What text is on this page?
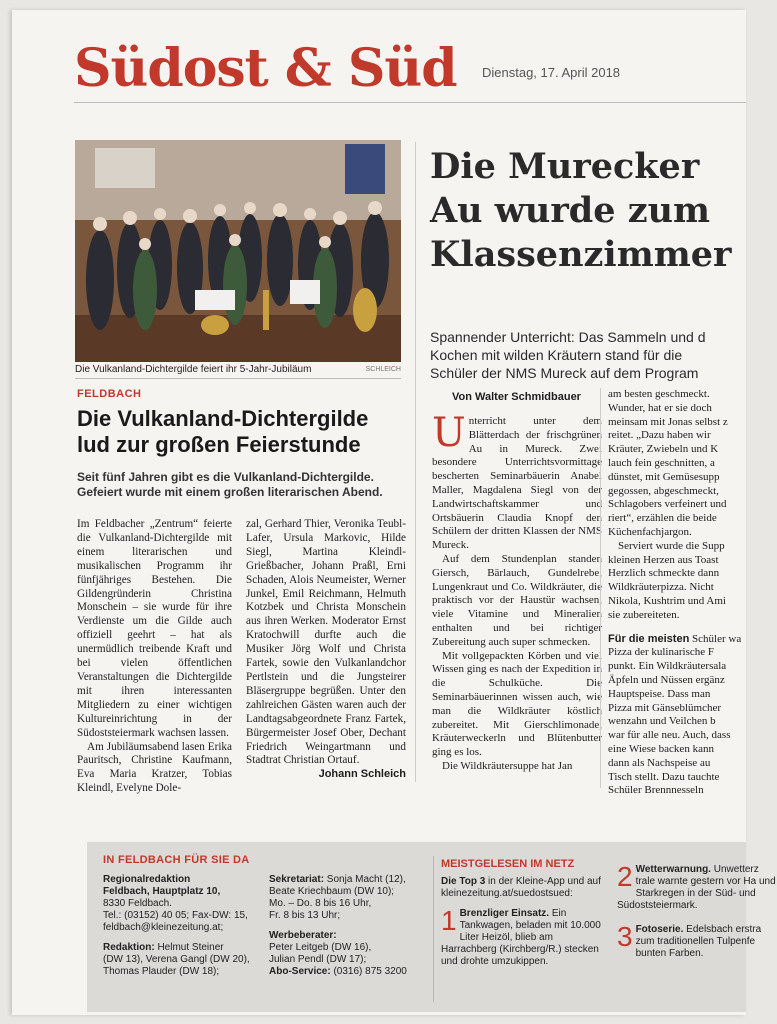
Südost & Süd Dienstag, 17. April 2018
Die Vulkanland-Dichtergilde feiert ihr 5-Jahr-Jubiläum	SCHLEICH
FELDBACH
Die Vulkanland-Dichtergilde lud zur großen Feierstunde
Seit fünf Jahren gibt es die Vulkanland-Dichtergilde. Gefeiert wurde mit einem großen literarischen Abend.

Im Feldbacher „Zentrum“ feierte die Vulkanland-Dichtergilde mit einem literarischen und musikalischen Programm ihr fünfjähriges Bestehen. Die Gildengründerin Christina Monschein – sie wurde für ihre Verdienste um die Gilde auch offiziell geehrt – hat als unermüdlich treibende Kraft und bei vielen öffentlichen Veranstaltungen die Dichtergilde mit ihren interessanten Mitgliedern zu einer wichtigen Kultureinrichtung in der Südoststeiermark wachsen lassen.

Am Jubiläumsabend lasen Erika Pauritsch, Christine Kaufmann, Eva Maria Kratzer, Tobias Kleindl, Evelyne Dole-

zal, Gerhard Thier, Veronika Teubl-Lafer, Ursula Markovic, Hilde Siegl, Martina Kleindl-Grießbacher, Johann Praßl, Erni Schaden, Alois Neumeister, Werner Junkel, Emil Reichmann, Helmuth Kotzbek und Christa Monschein aus ihren Werken. Moderator Ernst Kratochwill durfte auch die Musiker Jörg Wolf und Christa Fartek, sowie den Vulkanlandchor Pertlstein und die Jungsteirer Bläsergruppe begrüßen. Unter den zahlreichen Gästen waren auch der Landtagsabgeordnete Franz Fartek, Bürgermeister Josef Ober, Dechant Friedrich Weingartmann und Stadtrat Christian Ortauf.
Johann Schleich

Die Murecker
Au wurde zum
Klassenzimmer
Spannender Unterricht: Das Sammeln und d
Kochen mit wilden Kräutern stand für die
Schüler der NMS Mureck auf dem Program
Von Walter Schmidbauer

Unterricht unter dem Blätterdach der frischgrünen Au in Mureck. Zwei besondere Unterrichtsvormittage bescherten Seminarbäuerin Anabel Maller, Magdalena Siegl von der Landwirtschaftskammer und Ortsbäuerin Claudia Knopf den Schülern der dritten Klassen der NMS Mureck.

Auf dem Stundenplan standen Giersch, Bärlauch, Gundelrebe, Lungenkraut und Co. Wildkräuter, die praktisch vor der Haustür wachsen, viele Vitamine und Mineralien enthalten und bei richtiger Zubereitung auch super schmecken.

Mit vollgepackten Körben und viel Wissen ging es nach der Expedition in die Schulküche. Die Seminarbäuerinnen wissen auch, wie man die Wildkräuter köstlich zubereitet. Mit Gierschlimonade, Kräuterweckerln und Blütenbutter ging es los.

Die Wildkräutersuppe hat Jan

am besten geschmeckt.
Wunder, hat er sie doch
meinsam mit Jonas selbst z
reitet. „Dazu haben wir
Kräuter, Zwiebeln und K
lauch fein geschnitten, a
dünstet, mit Gemüsesupp
gegossen, abgeschmeckt,
Schlagobers verfeinert und
riert“, erzählen die beide
Küchenfachjargon.
Serviert wurde die Supp
kleinen Herzen aus Toast
Herzlich schmeckte dann
Wildkräuterpizza. Nicht
Nikola, Kushtrim und Ami
sie zubereiteten.
Für die meisten Schüler wa
Pizza der kulinarische F
punkt. Ein Wildkräutersala
Äpfeln und Nüssen ergänz
Hauptspeise. Dass man
Pizza mit Gänseblümcher
wenzahn und Veilchen b
war für alle neu. Auch, dass
eine Wiese backen kann
dann als Nachspeise au
Tisch stellt. Dazu tauchte
Schüler Brennnesseln
IN FELDBACH FÜR SIE DA
Regionalredaktion
Feldbach, Hauptplatz 10,
8330 Feldbach.
Tel.: (03152) 40 05; Fax-DW: 15,
feldbach@kleinezeitung.at;
Redaktion: Helmut Steiner
(DW 13), Verena Gangl (DW 20),
Thomas Plauder (DW 18);
Sekretariat: Sonja Macht (12),
Beate Kriechbaum (DW 10);
Mo. – Do. 8 bis 16 Uhr,
Fr. 8 bis 13 Uhr;
Werbeberater:
Peter Leitgeb (DW 16),
Julian Pendl (DW 17);
Abo-Service: (0316) 875 3200
MEISTGELESEN IM NETZ
Die Top 3 in der Kleine-App und auf kleinezeitung.at/suedostsued:
1 Brenzliger Einsatz. Ein Tankwagen, beladen mit 10.000 Liter Heizöl, blieb am Harrachberg (Kirchberg/R.) stecken und drohte umzukippen.
2 Wetterwarnung. Unwetterz trale warnte gestern vor Ha und Starkregen in der Süd- und Südoststeiermark.
3 Fotoserie. Edelsbach erstra zum traditionellen Tulpenfe bunten Farben.
